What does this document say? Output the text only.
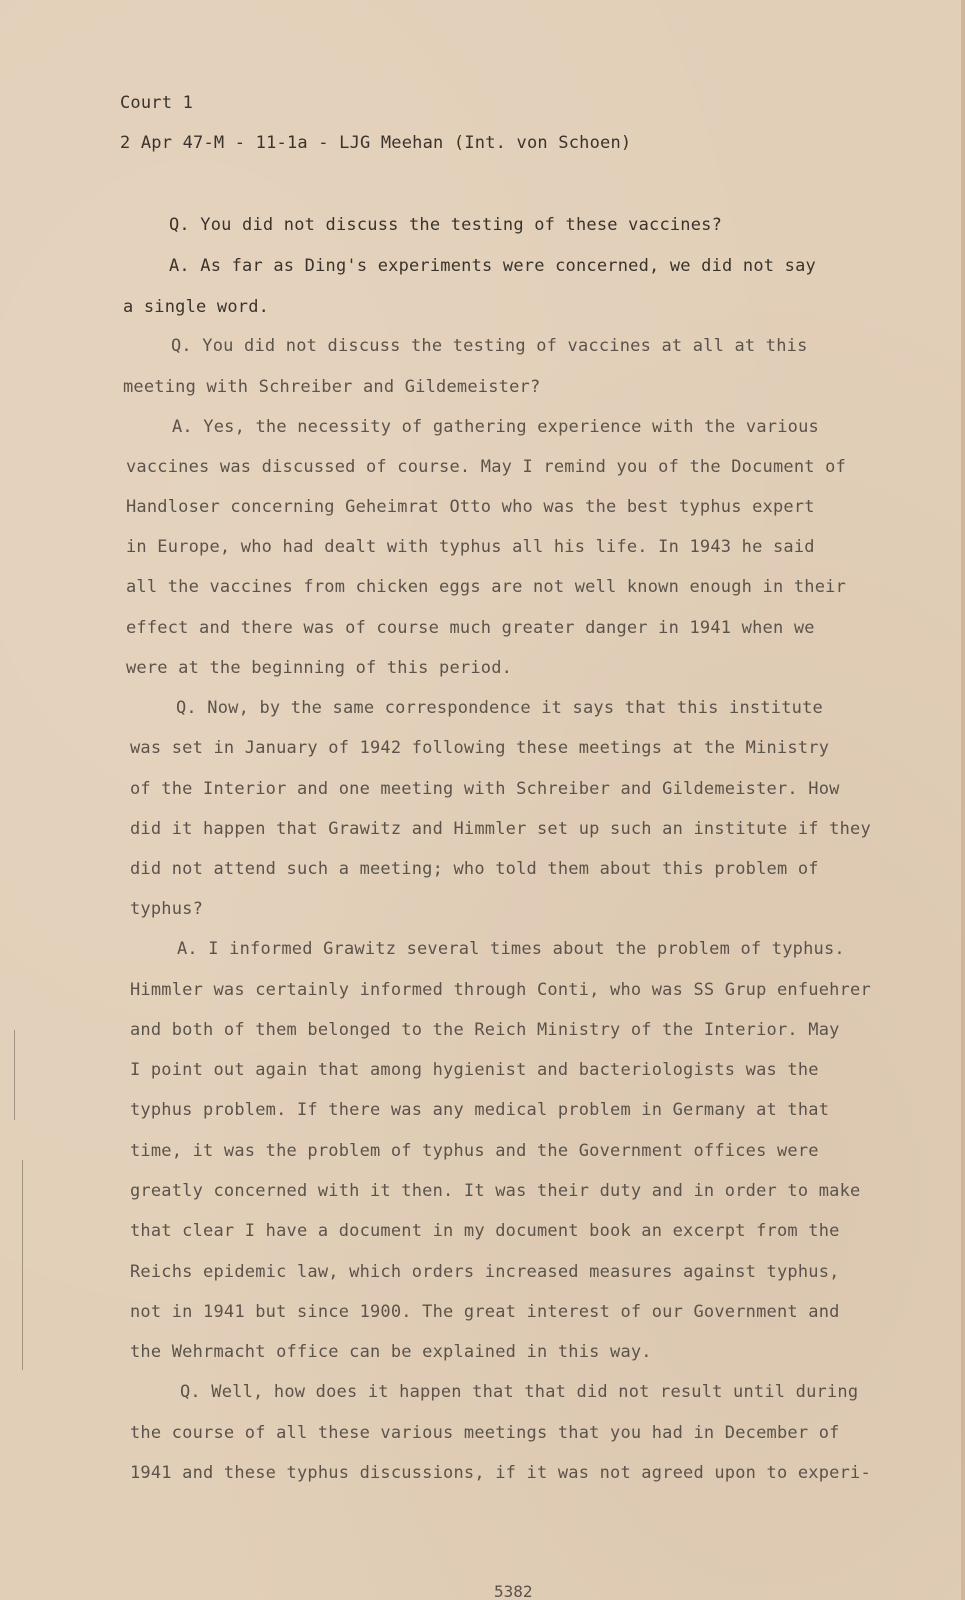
Court 1
2 Apr 47-M - 11-1a - LJG Meehan (Int. von Schoen)
Q. You did not discuss the testing of these vaccines?
A. As far as Ding's experiments were concerned, we did not say
a single word.
Q. You did not discuss the testing of vaccines at all at this
meeting with Schreiber and Gildemeister?
A. Yes, the necessity of gathering experience with the various
vaccines was discussed of course. May I remind you of the Document of
Handloser concerning Geheimrat Otto who was the best typhus expert
in Europe, who had dealt with typhus all his life. In 1943 he said
all the vaccines from chicken eggs are not well known enough in their
effect and there was of course much greater danger in 1941 when we
were at the beginning of this period.
Q. Now, by the same correspondence it says that this institute
was set in January of 1942 following these meetings at the Ministry
of the Interior and one meeting with Schreiber and Gildemeister. How
did it happen that Grawitz and Himmler set up such an institute if they
did not attend such a meeting; who told them about this problem of
typhus?
A. I informed Grawitz several times about the problem of typhus.
Himmler was certainly informed through Conti, who was SS Grup enfuehrer
and both of them belonged to the Reich Ministry of the Interior. May
I point out again that among hygienist and bacteriologists was the
typhus problem. If there was any medical problem in Germany at that
time, it was the problem of typhus and the Government offices were
greatly concerned with it then. It was their duty and in order to make
that clear I have a document in my document book an excerpt from the
Reichs epidemic law, which orders increased measures against typhus,
not in 1941 but since 1900. The great interest of our Government and
the Wehrmacht office can be explained in this way.
Q. Well, how does it happen that that did not result until during
the course of all these various meetings that you had in December of
1941 and these typhus discussions, if it was not agreed upon to experi-
5382
